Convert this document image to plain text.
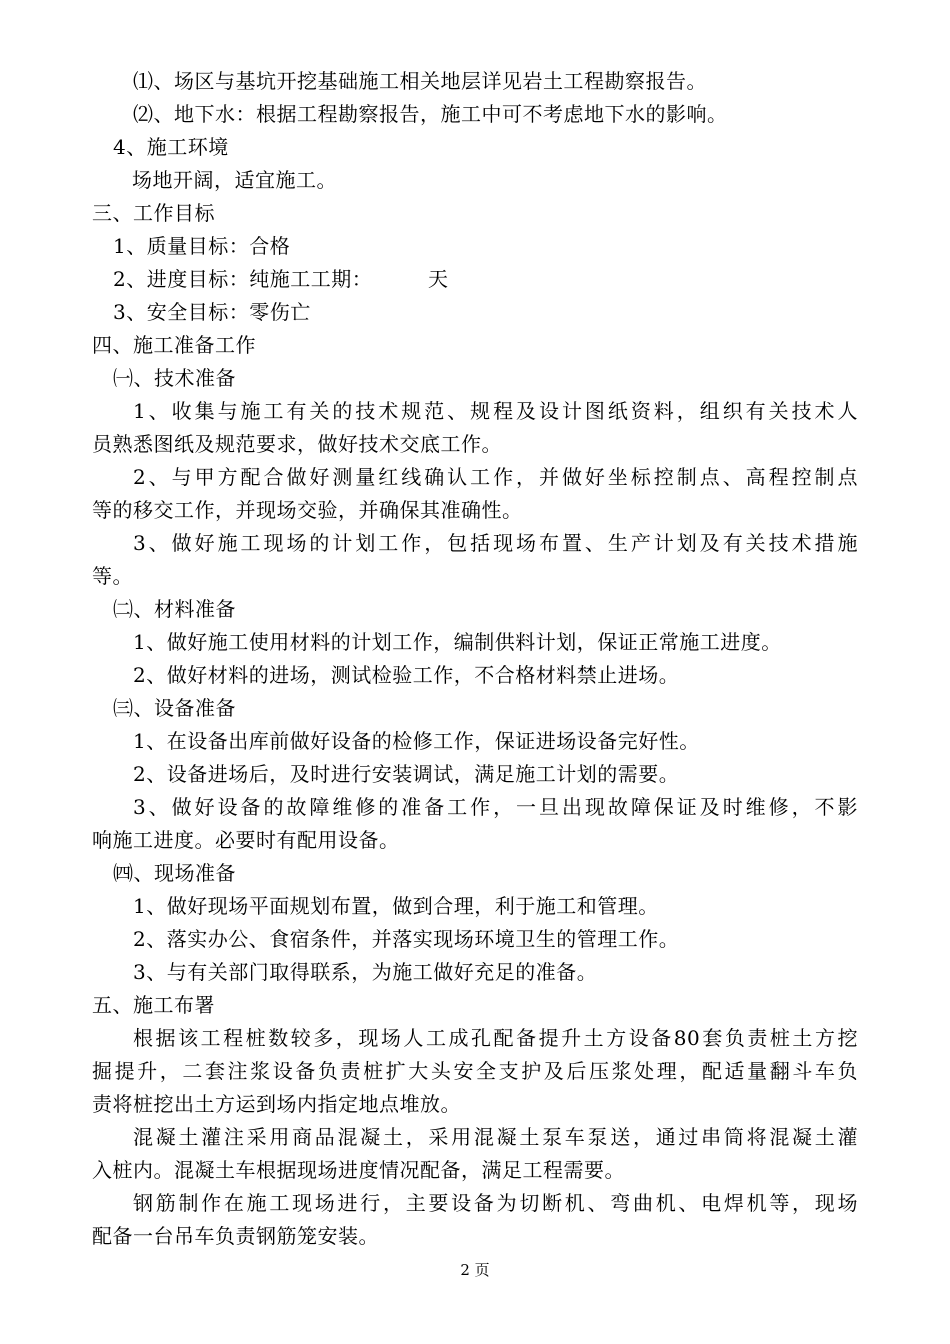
⑴、场区与基坑开挖基础施工相关地层详见岩土工程勘察报告。
⑵、地下水：根据工程勘察报告，施工中可不考虑地下水的影响。
4、施工环境
场地开阔，适宜施工。
三、工作目标
1、质量目标：合格
2、进度目标：纯施工工期：	天
3、安全目标：零伤亡
四、施工准备工作
㈠、技术准备
1、收集与施工有关的技术规范、规程及设计图纸资料，组织有关技术人
员熟悉图纸及规范要求，做好技术交底工作。
2、与甲方配合做好测量红线确认工作，并做好坐标控制点、高程控制点
等的移交工作，并现场交验，并确保其准确性。
3、做好施工现场的计划工作，包括现场布置、生产计划及有关技术措施
等。
㈡、材料准备
1、做好施工使用材料的计划工作，编制供料计划，保证正常施工进度。
2、做好材料的进场，测试检验工作，不合格材料禁止进场。
㈢、设备准备
1、在设备出库前做好设备的检修工作，保证进场设备完好性。
2、设备进场后，及时进行安装调试，满足施工计划的需要。
3、做好设备的故障维修的准备工作，一旦出现故障保证及时维修，不影
响施工进度。必要时有配用设备。
㈣、现场准备
1、做好现场平面规划布置，做到合理，利于施工和管理。
2、落实办公、食宿条件，并落实现场环境卫生的管理工作。
3、与有关部门取得联系，为施工做好充足的准备。
五、施工布署
根据该工程桩数较多，现场人工成孔配备提升土方设备80套负责桩土方挖
掘提升，二套注浆设备负责桩扩大头安全支护及后压浆处理，配适量翻斗车负
责将桩挖出土方运到场内指定地点堆放。
混凝土灌注采用商品混凝土，采用混凝土泵车泵送，通过串筒将混凝土灌
入桩内。混凝土车根据现场进度情况配备，满足工程需要。
钢筋制作在施工现场进行，主要设备为切断机、弯曲机、电焊机等，现场
配备一台吊车负责钢筋笼安装。
2 页
